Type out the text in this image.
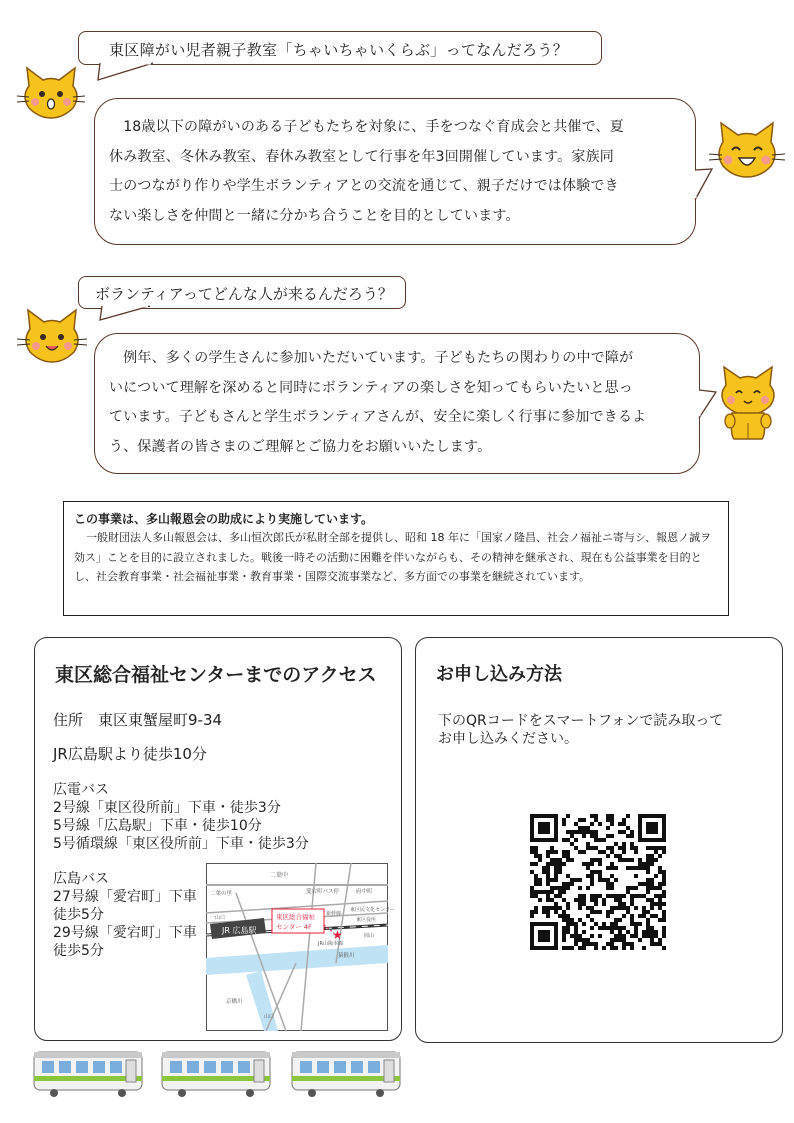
東区障がい児者親子教室「ちゃいちゃいくらぶ」ってなんだろう？
　18歳以下の障がいのある子どもたちを対象に、手をつなぐ育成会と共催で、夏
休み教室、冬休み教室、春休み教室として行事を年3回開催しています。家族同
士のつながり作りや学生ボランティアとの交流を通じて、親子だけでは体験でき
ない楽しさを仲間と一緒に分かち合うことを目的としています。
ボランティアってどんな人が来るんだろう？
　例年、多くの学生さんに参加いただいています。子どもたちの関わりの中で障が
いについて理解を深めると同時にボランティアの楽しさを知ってもらいたいと思っ
ています。子どもさんと学生ボランティアさんが、安全に楽しく行事に参加できるよ
う、保護者の皆さまのご理解とご協力をお願いいたします。
この事業は、多山報恩会の助成により実施しています。
一般財団法人多山報恩会は、多山恒次郎氏が私財全部を提供し、昭和 18 年に「国家ノ隆昌、社会ノ福祉ニ寄与シ、報恩ノ誠ヲ効ス」ことを目的に設立されました。戦後一時その活動に困難を伴いながらも、その精神を継承され、現在も公益事業を目的とし、社会教育事業・社会福祉事業・教育事業・国際交流事業など、多方面での事業を継続されています。
東区総合福祉センターまでのアクセス
住所　東区東蟹屋町9-34
JR広島駅より徒歩10分
広電バス
2号線「東区役所前」下車・徒歩3分
5号線「広島駅」下車・徒歩10分
5号循環線「東区役所前」下車・徒歩3分
広島バス
27号線「愛宕町」下車
徒歩5分
29号線「愛宕町」下車
徒歩5分
JR 広島駅
東区総合福祉
センター 4F
★
二葉中
愛宕町バス停	府中町
二葉の里
東区民文化センター
東区役所
一山口
新幹線
JR山陽本線
岡山
猿猴川
京橋川
山口
お申し込み方法
下のQRコードをスマートフォンで読み取って
お申し込みください。
